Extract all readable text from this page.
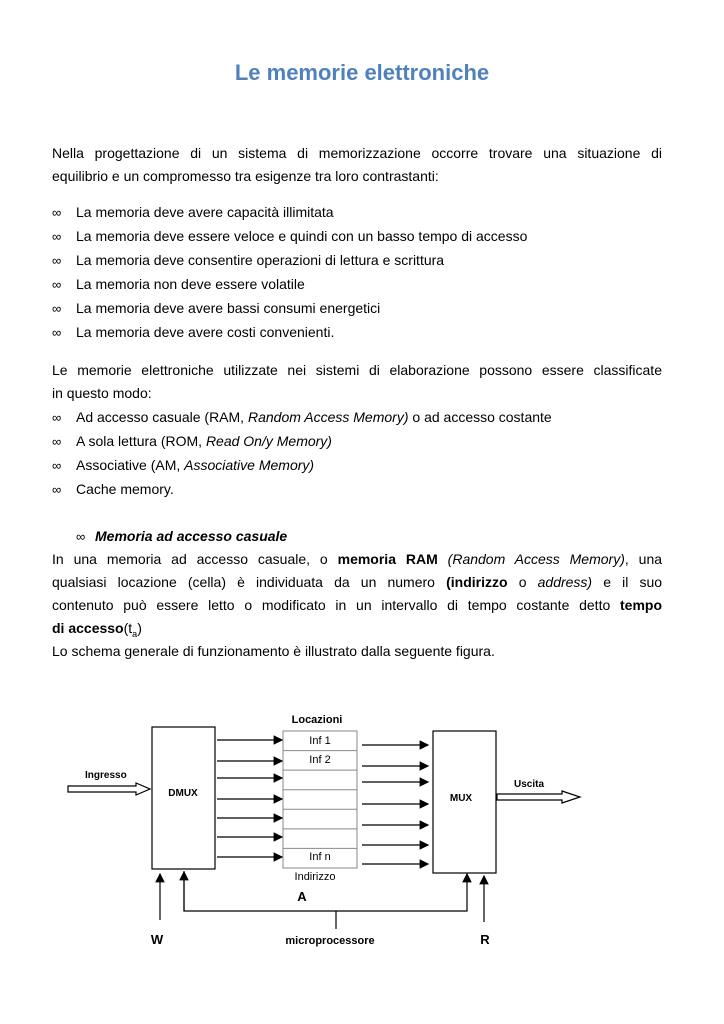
Le memorie elettroniche
Nella progettazione di un sistema di memorizzazione occorre trovare una situazione di
equilibrio e un compromesso tra esigenze tra loro contrastanti:
∞ La memoria deve avere capacità illimitata
∞ La memoria deve essere veloce e quindi con un basso tempo di accesso
∞ La memoria deve consentire operazioni di lettura e scrittura
∞ La memoria non deve essere volatile
∞ La memoria deve avere bassi consumi energetici
∞ La memoria deve avere costi convenienti.
Le memorie elettroniche utilizzate nei sistemi di elaborazione possono essere classificate
in questo modo:
∞ Ad accesso casuale (RAM, Random Access Memory) o ad accesso costante
∞ A sola lettura (ROM, Read On/y Memory)
∞ Associative (AM, Associative Memory)
∞ Cache memory.
∞ Memoria ad accesso casuale
In una memoria ad accesso casuale, o memoria RAM (Random Access Memory), una
qualsiasi locazione (cella) è individuata da un numero (indirizzo o address) e il suo
contenuto può essere letto o modificato in un intervallo di tempo costante detto tempo
di $accesso(t_a)$
Lo schema generale di funzionamento è illustrato dalla seguente figura.
Locazioni
Inf 1
Inf 2
Inf n
Indirizzo
A
Ingresso
DMUX	MUX
Uscita
W	microprocessore	R
